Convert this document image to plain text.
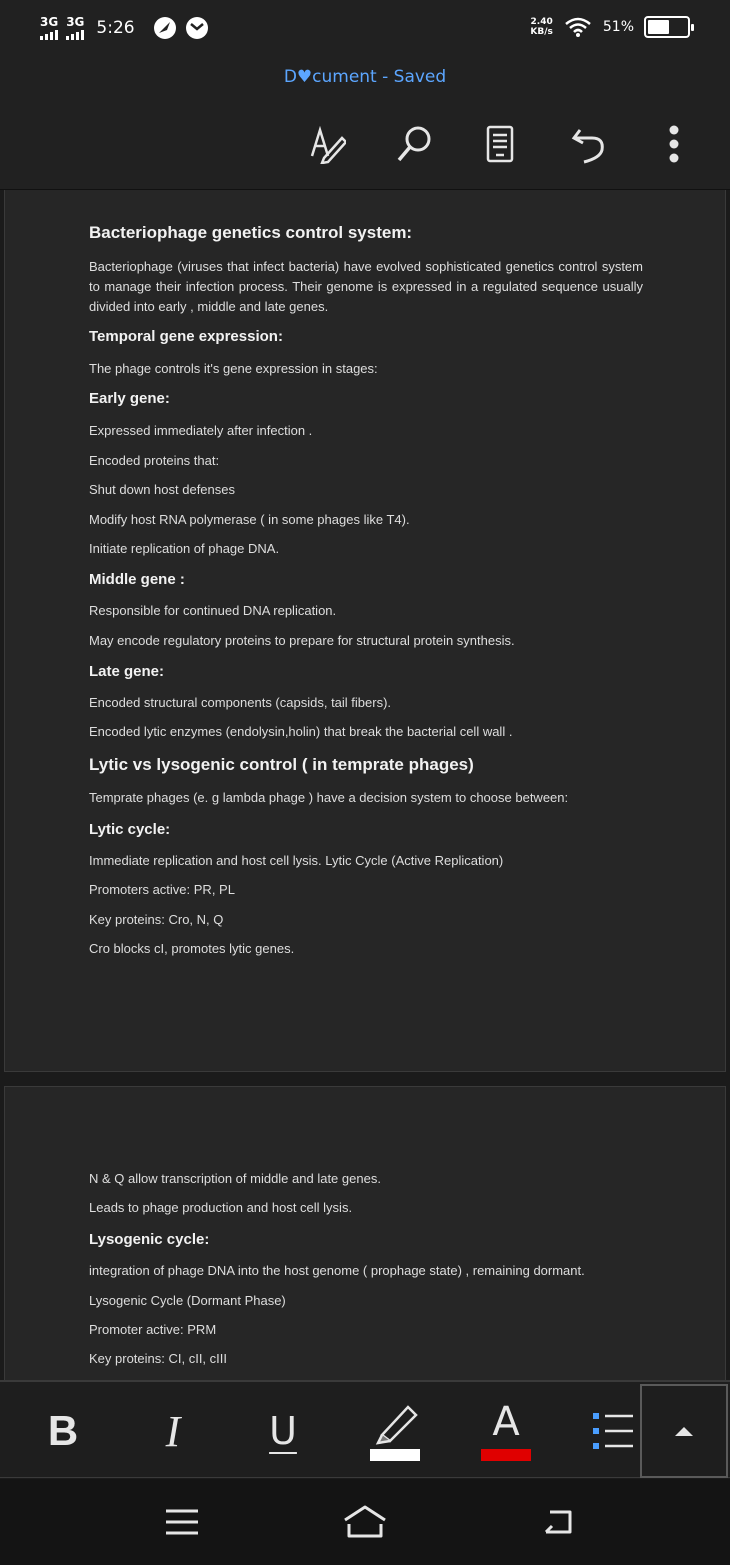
3G 3G 5:26	2.40
KB/s	51%
D♥cument - Saved
Bacteriophage genetics control system:
Bacteriophage (viruses that infect bacteria) have evolved sophisticated genetics control system to manage their infection process. Their genome is expressed in a regulated sequence usually divided into early , middle and late genes.
Temporal gene expression:
The phage controls it's gene expression in stages:
Early gene:
Expressed immediately after infection .
Encoded proteins that:
Shut down host defenses
Modify host RNA polymerase ( in some phages like T4).
Initiate replication of phage DNA.
Middle gene :
Responsible for continued DNA replication.
May encode regulatory proteins to prepare for structural protein synthesis.
Late gene:
Encoded structural components (capsids, tail fibers).
Encoded lytic enzymes (endolysin,holin) that break the bacterial cell wall .
Lytic vs lysogenic control ( in temprate phages)
Temprate phages (e. g lambda phage ) have a decision system to choose between:
Lytic cycle:
Immediate replication and host cell lysis. Lytic Cycle (Active Replication)
Promoters active: PR, PL
Key proteins: Cro, N, Q
Cro blocks cI, promotes lytic genes.
N & Q allow transcription of middle and late genes.
Leads to phage production and host cell lysis.
Lysogenic cycle:
integration of phage DNA into the host genome ( prophage state) , remaining dormant.
Lysogenic Cycle (Dormant Phase)
Promoter active: PRM
Key proteins: CI, cII, cIII
B I U	A
